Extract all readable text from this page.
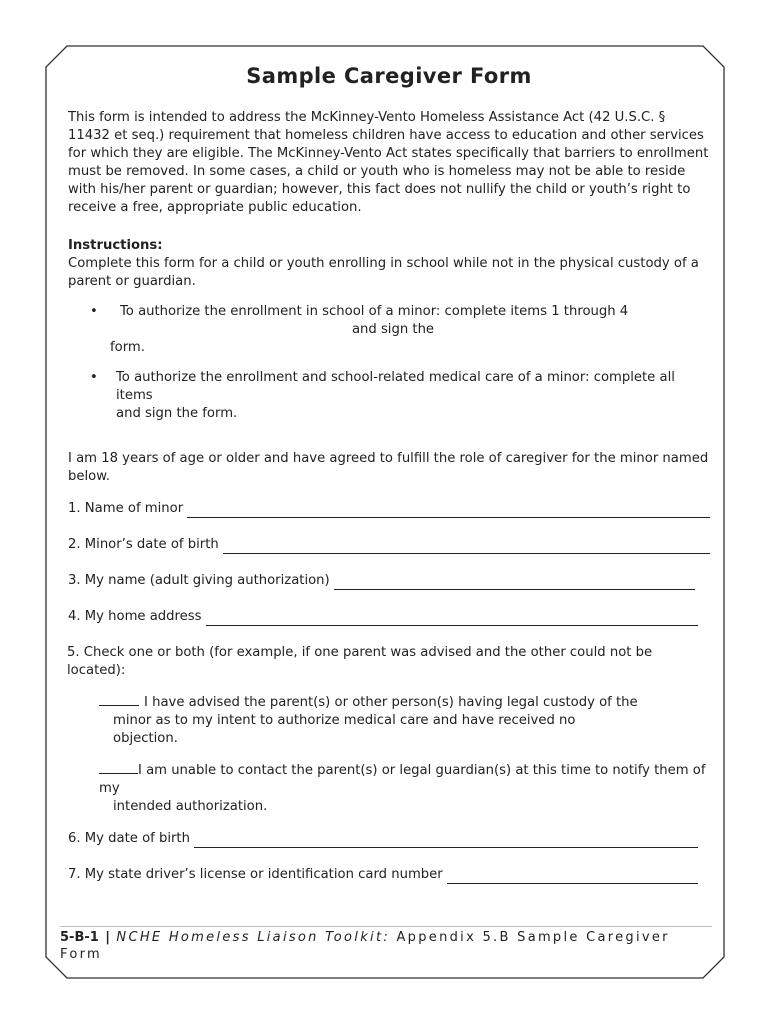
Sample Caregiver Form

This form is intended to address the McKinney-Vento Homeless Assistance Act (42 U.S.C. § 11432 et seq.) requirement that homeless children have access to education and other services for which they are eligible. The McKinney-Vento Act states specifically that barriers to enrollment must be removed. In some cases, a child or youth who is homeless may not be able to reside with his/her parent or guardian; however, this fact does not nullify the child or youth’s right to receive a free, appropriate public education.

Instructions:

Complete this form for a child or youth enrolling in school while not in the physical custody of a parent or guardian.

•	To authorize the enrollment in school of a minor: complete items 1 through 4
and sign the
form.
•	To authorize the enrollment and school-related medical care of a minor: complete all items
and sign the form.

I am 18 years of age or older and have agreed to fulfill the role of caregiver for the minor named below.

1. Name of minor
2. Minor’s date of birth
3. My name (adult giving authorization)
4. My home address

5. Check one or both (for example, if one parent was advised and the other could not be located):

I have advised the parent(s) or other person(s) having legal custody of the
minor as to my intent to authorize medical care and have received no
objection.
I am unable to contact the parent(s) or legal guardian(s) at this time to notify them of my
intended authorization.
6. My date of birth
7. My state driver’s license or identification card number
5-B-1 | NCHE Homeless Liaison Toolkit: Appendix 5.B Sample Caregiver Form
